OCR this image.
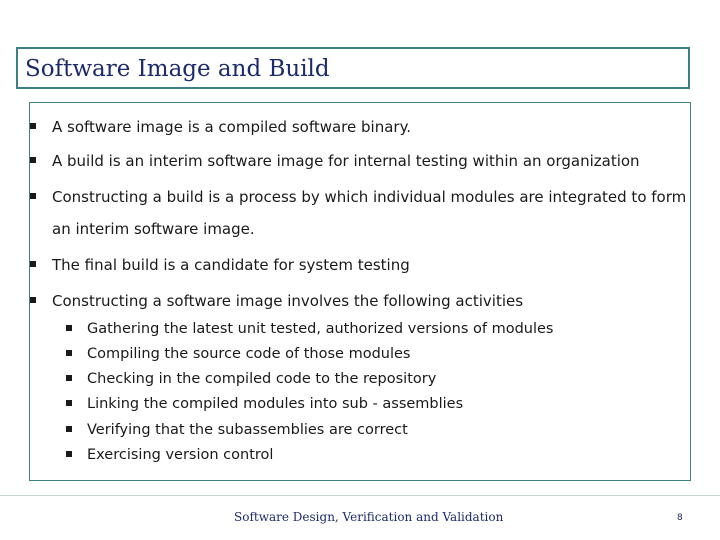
Software Image and Build
A software image is a compiled software binary.
A build is an interim software image for internal testing within an organization
Constructing a build is a process by which individual modules are integrated to form
an interim software image.
The final build is a candidate for system testing
Constructing a software image involves the following activities
Gathering the latest unit tested, authorized versions of modules
Compiling the source code of those modules
Checking in the compiled code to the repository
Linking the compiled modules into sub - assemblies
Verifying that the subassemblies are correct
Exercising version control
Software Design, Verification and Validation	8
